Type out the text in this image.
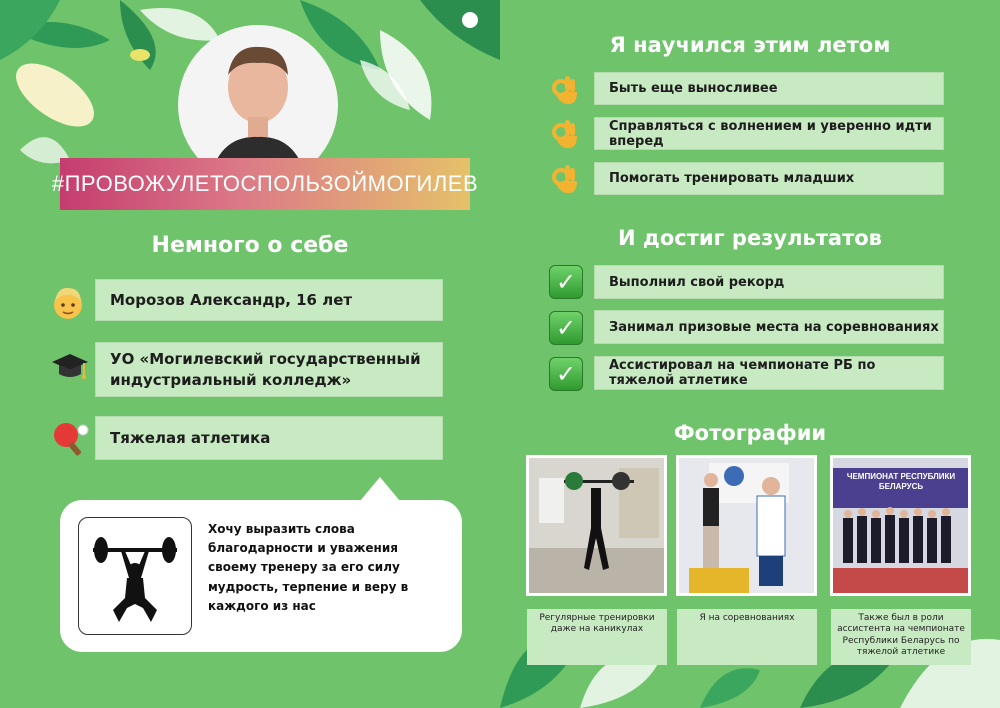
#ПРОВОЖУЛЕТОСПОЛЬЗОЙМОГИЛЕВ
Немного о себе
Морозов Александр, 16 лет
УО «Могилевский государственный индустриальный колледж»
Тяжелая атлетика
Хочу выразить слова благодарности и уважения своему тренеру за его силу мудрость, терпение и веру в каждого из нас
Я научился этим летом
Быть еще выносливее
Справляться с волнением и уверенно идти вперед
Помогать тренировать младших
И достиг результатов
✓	Выполнил свой рекорд
✓	Занимал призовые места на соревнованиях
✓	Ассистировал на чемпионате РБ по тяжелой атлетике
Фотографии
Регулярные тренировки даже на каникулах
Я на соревнованиях
ЧЕМПИОНАТ РЕСПУБЛИКИ БЕЛАРУСЬ
Также был в роли ассистента на чемпионате Республики Беларусь по тяжелой атлетике
